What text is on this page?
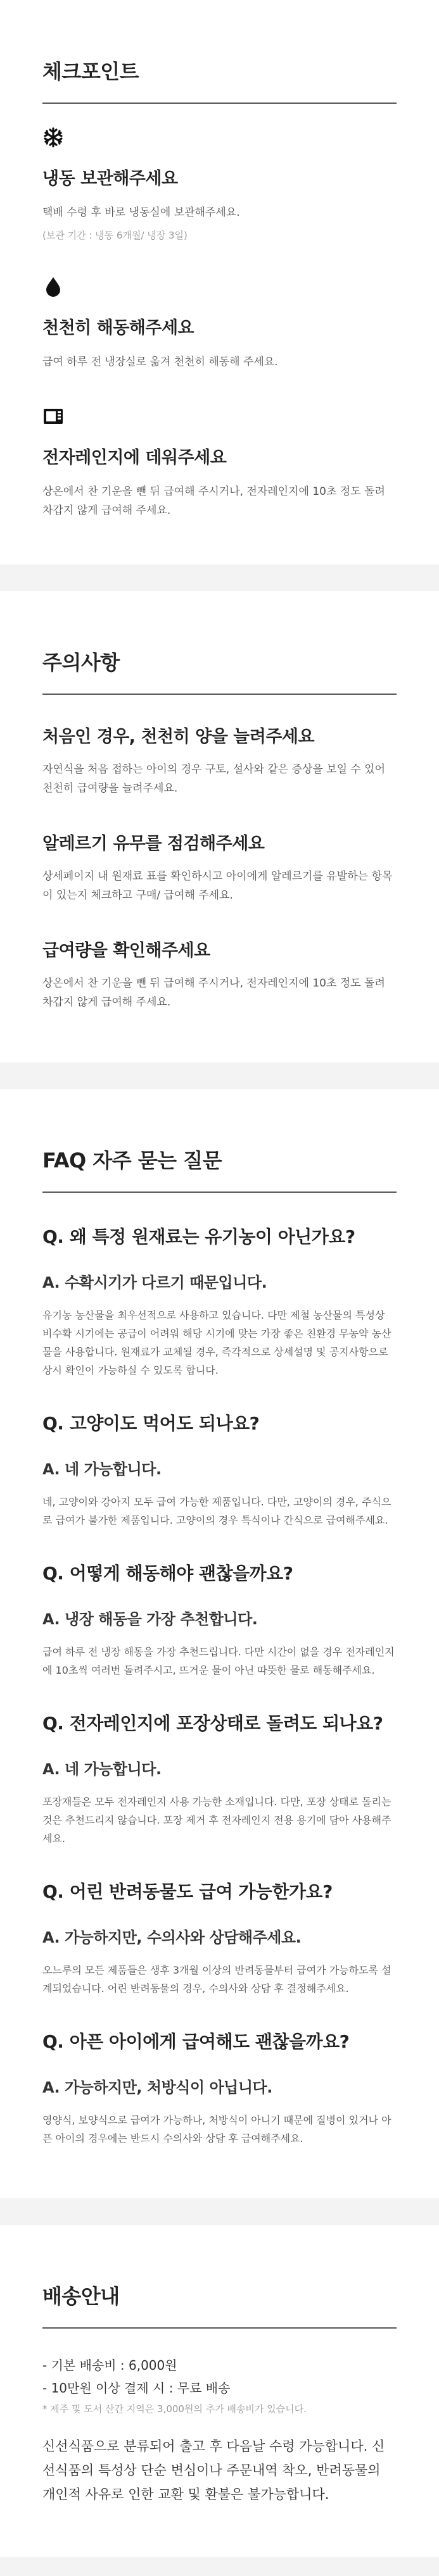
체크포인트
냉동 보관해주세요
택배 수령 후 바로 냉동실에 보관해주세요.
(보관 기간 : 냉동 6개월/ 냉장 3일)
천천히 해동해주세요
급여 하루 전 냉장실로 옮겨 천천히 해동해 주세요.
전자레인지에 데워주세요
상온에서 찬 기운을 뺀 뒤 급여해 주시거나, 전자레인지에 10초 정도 돌려 차갑지 않게 급여해 주세요.
주의사항
처음인 경우, 천천히 양을 늘려주세요
자연식을 처음 접하는 아이의 경우 구토, 설사와 같은 증상을 보일 수 있어 천천히 급여량을 늘려주세요.
알레르기 유무를 점검해주세요
상세페이지 내 원재료 표를 확인하시고 아이에게 알레르기를 유발하는 항목이 있는지 체크하고 구매/ 급여해 주세요.
급여량을 확인해주세요
상온에서 찬 기운을 뺀 뒤 급여해 주시거나, 전자레인지에 10초 정도 돌려 차갑지 않게 급여해 주세요.
FAQ 자주 묻는 질문
Q. 왜 특정 원재료는 유기농이 아닌가요?
A. 수확시기가 다르기 때문입니다.
유기농 농산물을 최우선적으로 사용하고 있습니다. 다만 제철 농산물의 특성상 비수확 시기에는 공급이 어려워 해당 시기에 맞는 가장 좋은 친환경 무농약 농산물을 사용합니다. 원재료가 교체될 경우, 즉각적으로 상세설명 및 공지사항으로 상시 확인이 가능하실 수 있도록 합니다.
Q. 고양이도 먹어도 되나요?
A. 네 가능합니다.
네, 고양이와 강아지 모두 급여 가능한 제품입니다. 다만, 고양이의 경우, 주식으로 급여가 불가한 제품입니다. 고양이의 경우 특식이나 간식으로 급여해주세요.
Q. 어떻게 해동해야 괜찮을까요?
A. 냉장 해동을 가장 추천합니다.
급여 하루 전 냉장 해동을 가장 추천드립니다. 다만 시간이 없을 경우 전자레인지에 10초씩 여러번 돌려주시고, 뜨거운 물이 아닌 따뜻한 물로 해동해주세요.
Q. 전자레인지에 포장상태로 돌려도 되나요?
A. 네 가능합니다.
포장재들은 모두 전자레인지 사용 가능한 소재입니다. 다만, 포장 상태로 돌리는 것은 추천드리지 않습니다. 포장 제거 후 전자레인지 전용 용기에 담아 사용해주세요.
Q. 어린 반려동물도 급여 가능한가요?
A. 가능하지만, 수의사와 상담해주세요.
오느루의 모든 제품들은 생후 3개월 이상의 반려동물부터 급여가 가능하도록 설계되었습니다. 어린 반려동물의 경우, 수의사와 상담 후 결정해주세요.
Q. 아픈 아이에게 급여해도 괜찮을까요?
A. 가능하지만, 처방식이 아닙니다.
영양식, 보양식으로 급여가 가능하나, 처방식이 아니기 때문에 질병이 있거나 아픈 아이의 경우에는 반드시 수의사와 상담 후 급여해주세요.
배송안내
- 기본 배송비 : 6,000원
- 10만원 이상 결제 시 : 무료 배송
* 제주 및 도서 산간 지역은 3,000원의 추가 배송비가 있습니다.
신선식품으로 분류되어 출고 후 다음날 수령 가능합니다. 신선식품의 특성상 단순 변심이나 주문내역 착오, 반려동물의 개인적 사유로 인한 교환 및 환불은 불가능합니다.
